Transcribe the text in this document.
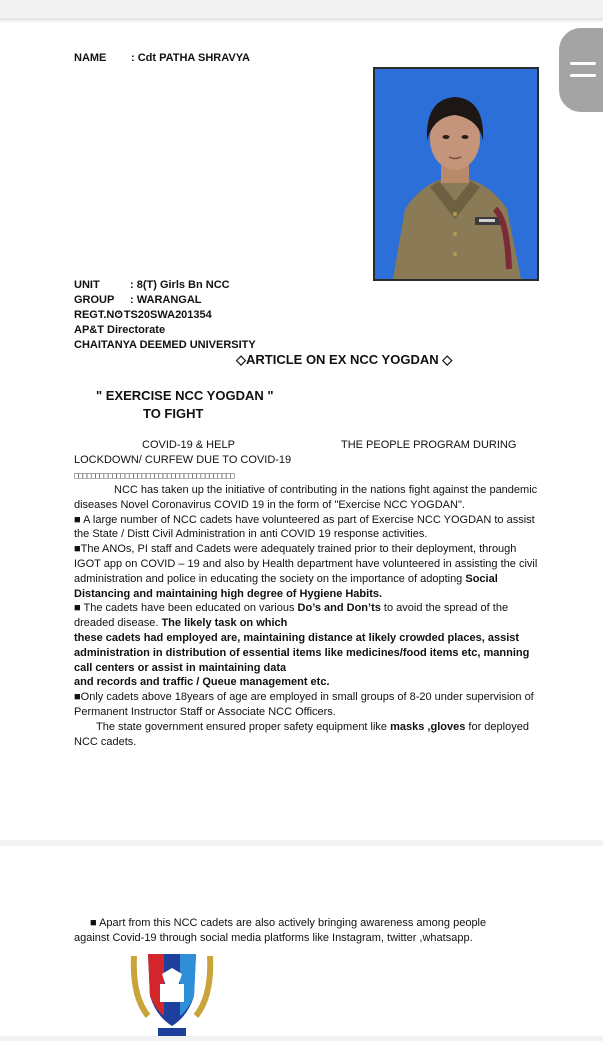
NAME : Cdt PATHA SHRAVYA
UNIT	: 8(T) Girls Bn NCC
GROUP : WARANGAL
REGT.NO
: TS20SWA201354
AP&T Directorate
CHAITANYA DEEMED UNIVERSITY
◇ARTICLE ON EX NCC YOGDAN ◇
" EXERCISE NCC YOGDAN "
TO FIGHT
COVID-19 & HELP	THE PEOPLE PROGRAM DURING
LOCKDOWN/ CURFEW DUE TO COVID-19
□□□□□□□□□□□□□□□□□□□□□□□□□□□□□□□□□□□□□□

NCC has taken up the initiative of contributing in the nations fight against the pandemic diseases Novel Coronavirus COVID 19 in the form of "Exercise NCC YOGDAN".

■ A large number of NCC cadets have volunteered as part of Exercise NCC YOGDAN to assist the State / Distt Civil Administration in anti COVID 19 response activities.

■The ANOs, PI staff and Cadets were adequately trained prior to their deployment, through IGOT app on COVID – 19 and also by Health department have volunteered in assisting the civil administration and police in educating the society on the importance of adopting Social Distancing and maintaining high degree of Hygiene Habits.

■ The cadets have been educated on various Do’s and Don’ts to avoid the spread of the dreaded disease. The likely task on which

these cadets had employed are, maintaining distance at likely crowded places, assist administration in distribution of essential items like medicines/food items etc, manning call centers or assist in maintaining data

and records and traffic / Queue management etc.

■Only cadets above 18years of age are employed in small groups of 8-20 under supervision of Permanent Instructor Staff or Associate NCC Officers.

The state government ensured proper safety equipment like masks ,gloves for deployed NCC cadets.

■ Apart from this NCC cadets are also actively bringing awareness among people against Covid-19 through social media platforms like Instagram, twitter ,whatsapp.
